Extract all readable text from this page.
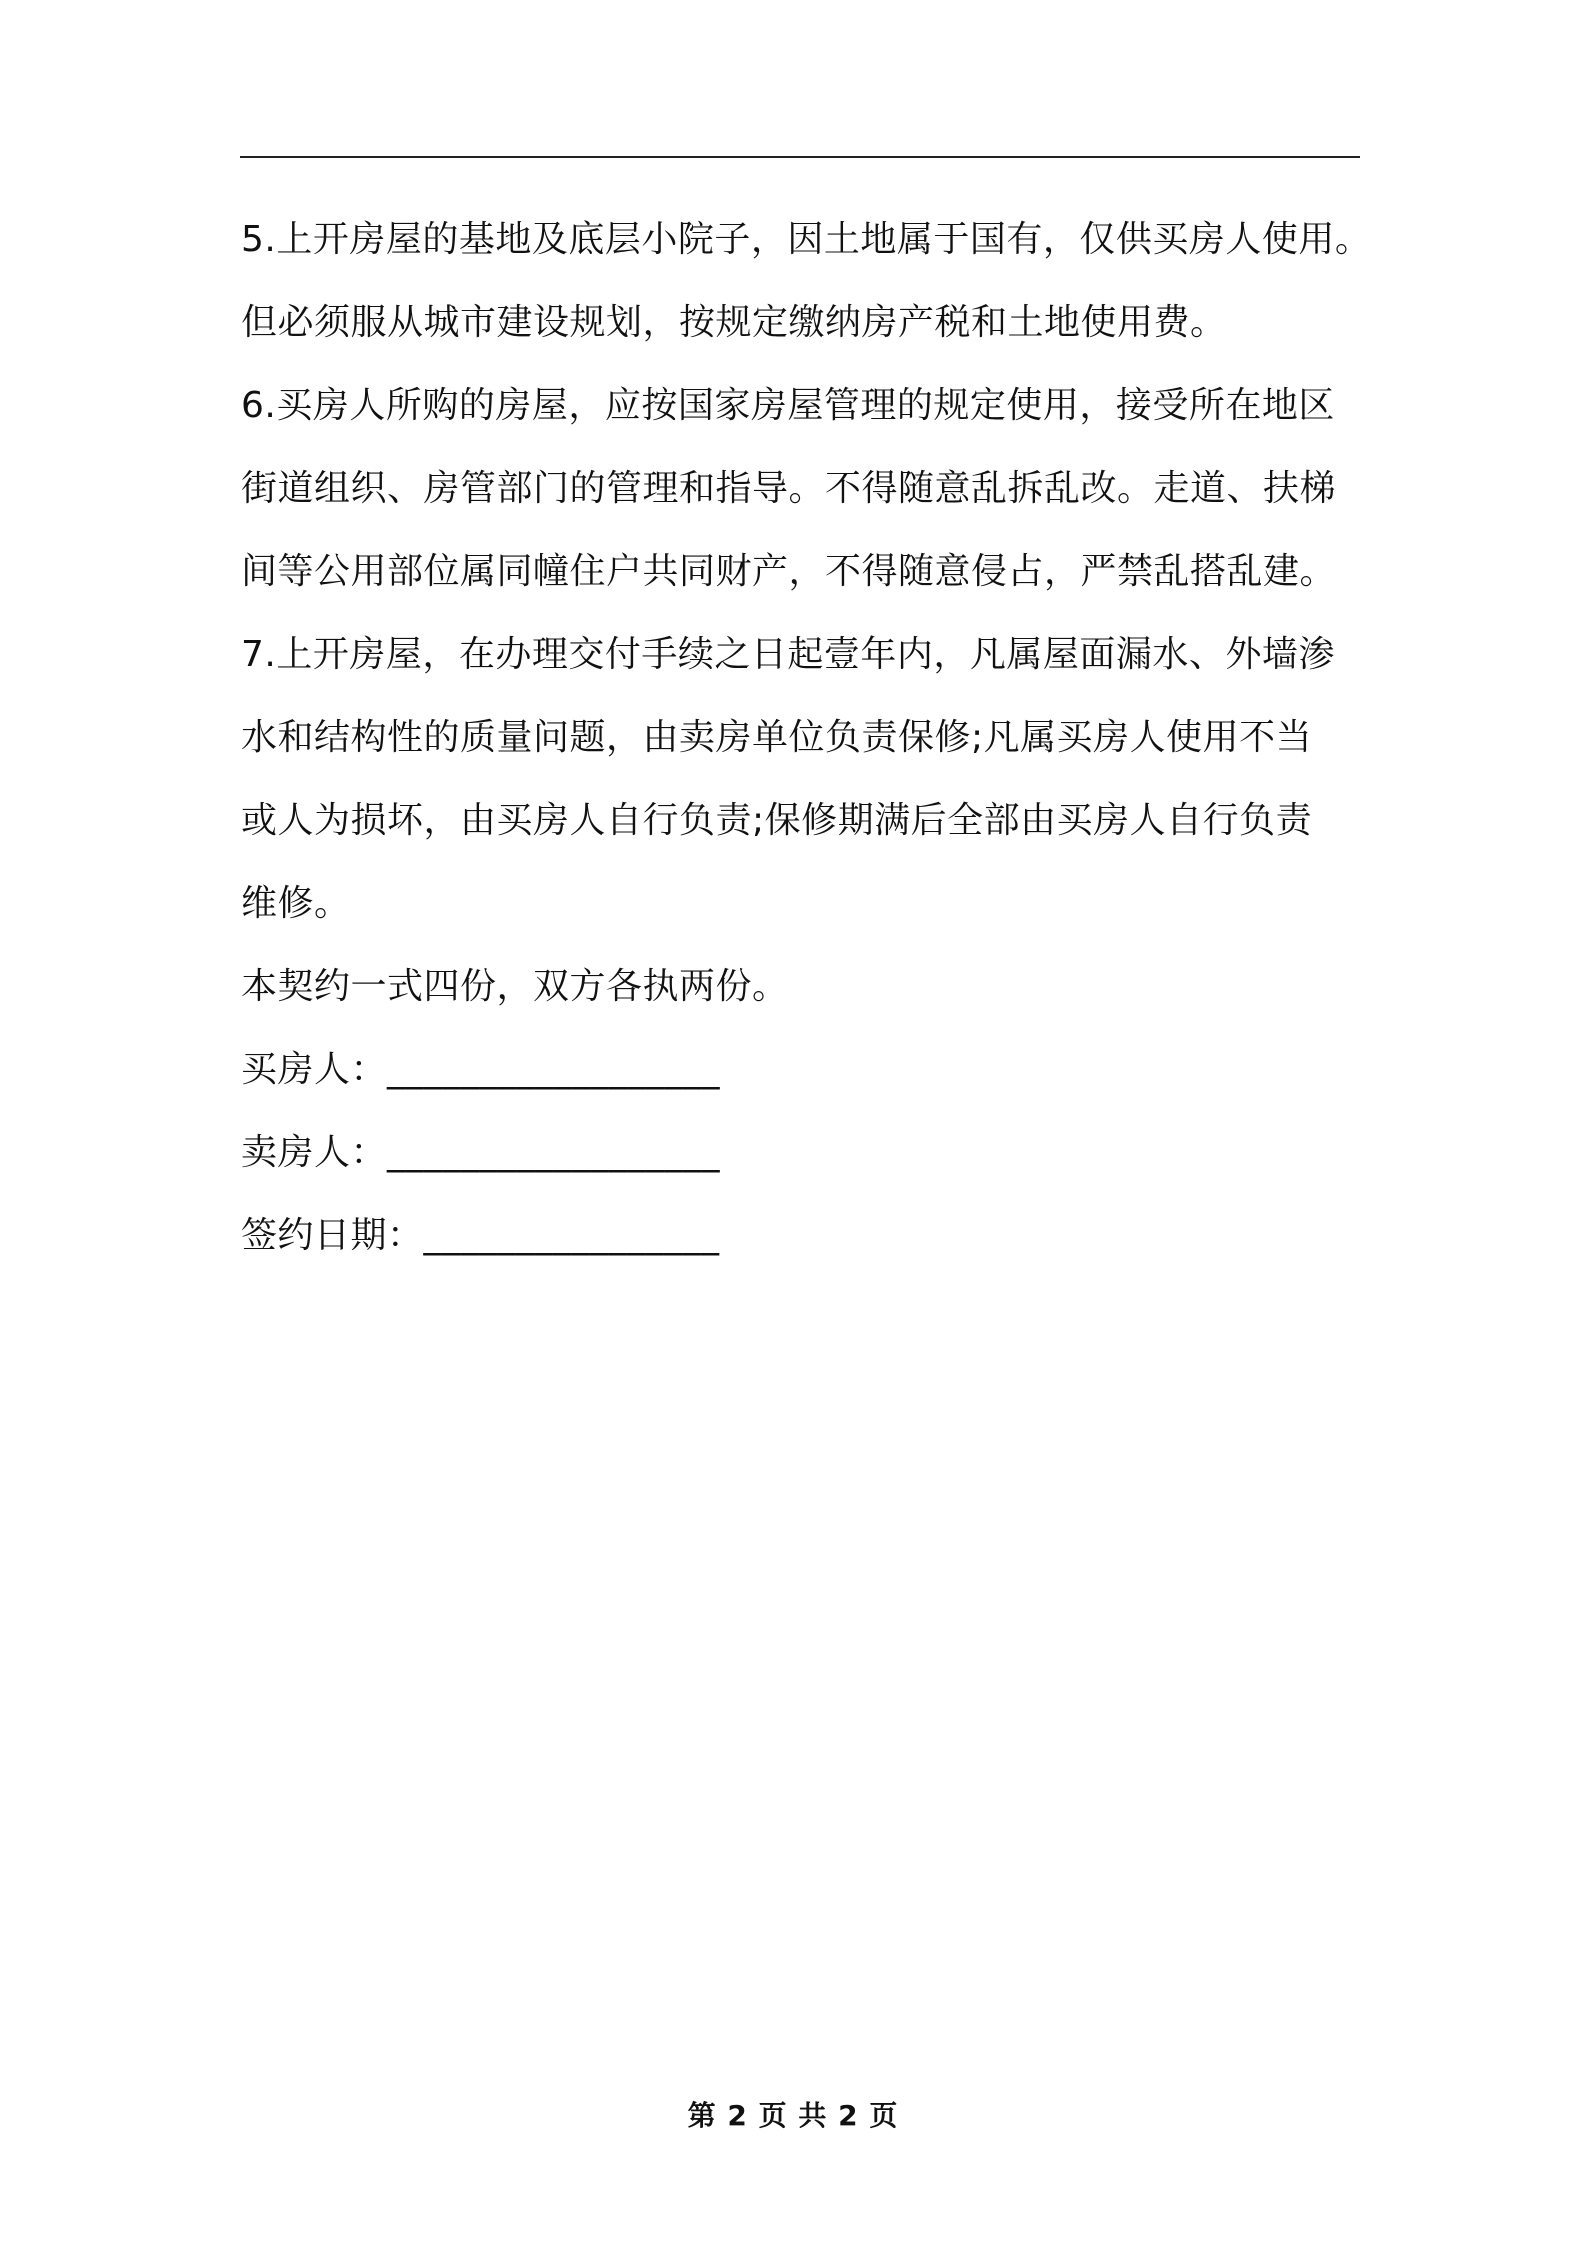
5.上开房屋的基地及底层小院子，因土地属于国有，仅供买房人使用。

但必须服从城市建设规划，按规定缴纳房产税和土地使用费。

6.买房人所购的房屋，应按国家房屋管理的规定使用，接受所在地区

街道组织、房管部门的管理和指导。不得随意乱拆乱改。走道、扶梯

间等公用部位属同幢住户共同财产，不得随意侵占，严禁乱搭乱建。

7.上开房屋，在办理交付手续之日起壹年内，凡属屋面漏水、外墙渗

水和结构性的质量问题，由卖房单位负责保修;凡属买房人使用不当

或人为损坏，由买房人自行负责;保修期满后全部由买房人自行负责

维修。

本契约一式四份，双方各执两份。

买房人：__________________

卖房人：__________________

签约日期：________________

第 2 页 共 2 页
